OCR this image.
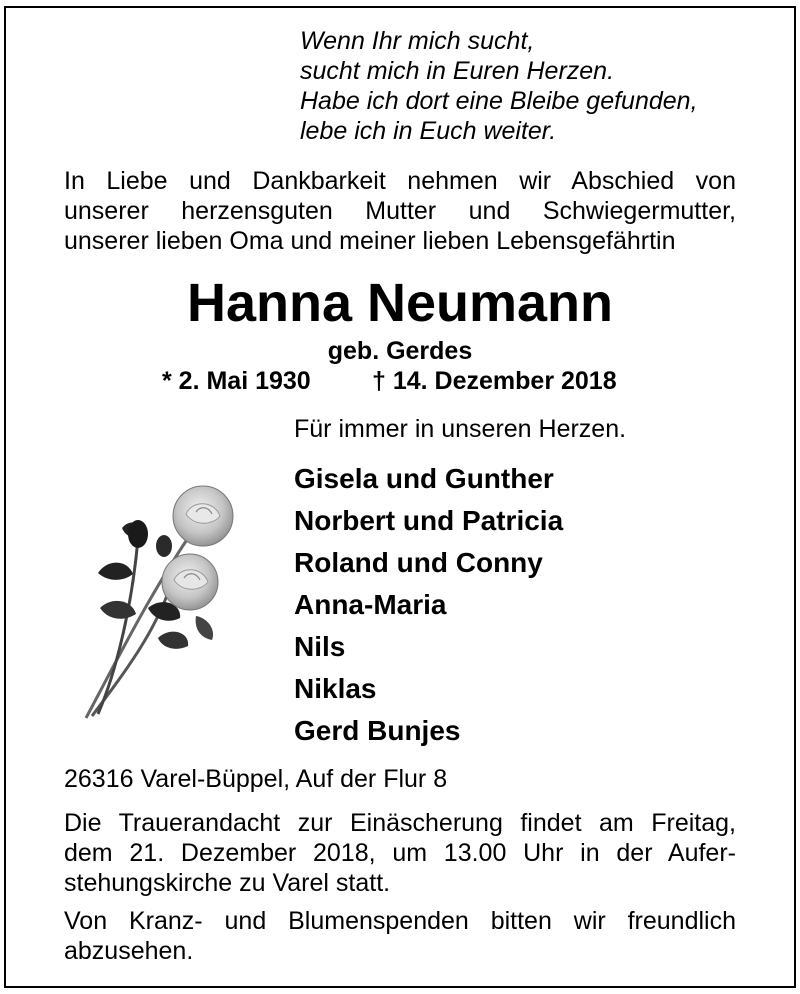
Wenn Ihr mich sucht,
sucht mich in Euren Herzen.
Habe ich dort eine Bleibe gefunden,
lebe ich in Euch weiter.
In Liebe und Dankbarkeit nehmen wir Abschied von
unserer herzensguten Mutter und Schwiegermutter,
unserer lieben Oma und meiner lieben Lebensgefährtin
Hanna Neumann
geb. Gerdes
* 2. Mai 1930 † 14. Dezember 2018
Für immer in unseren Herzen.
Gisela und Gunther
Norbert und Patricia
Roland und Conny
Anna-Maria
Nils
Niklas
Gerd Bunjes
26316 Varel-Büppel, Auf der Flur 8
Die Trauerandacht zur Einäscherung findet am Freitag,
dem 21. Dezember 2018, um 13.00 Uhr in der Aufer-
stehungskirche zu Varel statt.
Von Kranz- und Blumenspenden bitten wir freundlich
abzusehen.
